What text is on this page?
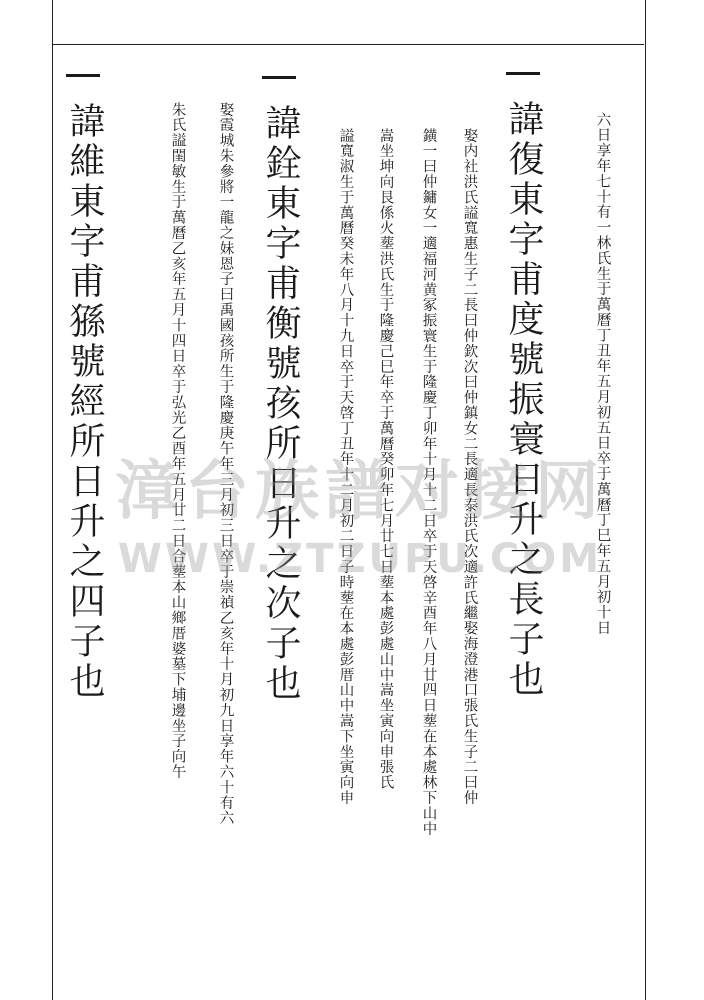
六日享年七十有一林氏生于萬曆丁丑年五月初五日卒于萬曆丁巳年五月初十日
諱復東字甫度號振寰日升之長子也
娶内社洪氏謚寬惠生子二長曰仲欽次曰仲鎮女二長適長泰洪氏次適許氏繼娶海澄港口張氏生子二曰仲
鐄一曰仲鏞女一適福河黄冢振寰生于隆慶丁卯年十月十二日卒于天啓辛酉年八月廿四日塟在本處林下山中
嵩坐坤向艮係火塟洪氏生于隆慶己巳年卒于萬曆癸卯年七月廿七日塟本處彭處山中嵩坐寅向申張氏
謚寬淑生于萬曆癸未年八月十九日卒于天啓丁丑年十二月初二日子時塟在本處彭厝山中嵩下坐寅向申
諱銓東字甫衡號孩所日升之次子也
娶霞城朱參將一龍之妹恩子曰禹國孩所生于隆慶庚午年三月初三日卒于崇禎乙亥年十月初九日享年六十有六
朱氏謚閨敏生于萬曆乙亥年五月十四日卒于弘光乙酉年五月廿二日合塟本山鄉厝婆墓下埔邊坐子向午
諱維東字甫猻號經所日升之四子也 漳台族譜对接网
WWW.ZTZUPU.COM
